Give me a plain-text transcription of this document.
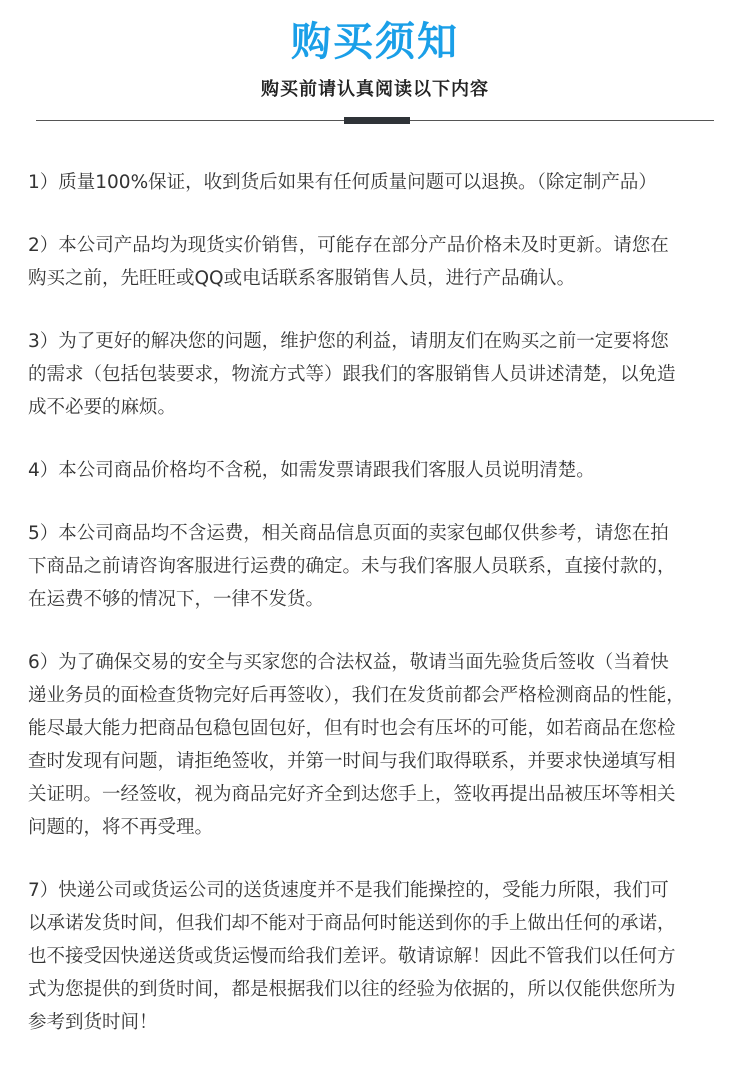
购买须知
购买前请认真阅读以下内容

1）质量100%保证，收到货后如果有任何质量问题可以退换。（除定制产品）

2）本公司产品均为现货实价销售，可能存在部分产品价格未及时更新。请您在
购买之前，先旺旺或QQ或电话联系客服销售人员，进行产品确认。

3）为了更好的解决您的问题，维护您的利益，请朋友们在购买之前一定要将您
的需求（包括包装要求，物流方式等）跟我们的客服销售人员讲述清楚，以免造
成不必要的麻烦。

4）本公司商品价格均不含税，如需发票请跟我们客服人员说明清楚。

5）本公司商品均不含运费，相关商品信息页面的卖家包邮仅供参考，请您在拍
下商品之前请咨询客服进行运费的确定。未与我们客服人员联系，直接付款的，
在运费不够的情况下，一律不发货。

6）为了确保交易的安全与买家您的合法权益，敬请当面先验货后签收（当着快
递业务员的面检查货物完好后再签收），我们在发货前都会严格检测商品的性能，
能尽最大能力把商品包稳包固包好，但有时也会有压坏的可能，如若商品在您检
查时发现有问题，请拒绝签收，并第一时间与我们取得联系，并要求快递填写相
关证明。一经签收，视为商品完好齐全到达您手上，签收再提出品被压坏等相关
问题的，将不再受理。

7）快递公司或货运公司的送货速度并不是我们能操控的，受能力所限，我们可
以承诺发货时间，但我们却不能对于商品何时能送到你的手上做出任何的承诺，
也不接受因快递送货或货运慢而给我们差评。敬请谅解！因此不管我们以任何方
式为您提供的到货时间，都是根据我们以往的经验为依据的，所以仅能供您所为
参考到货时间！
